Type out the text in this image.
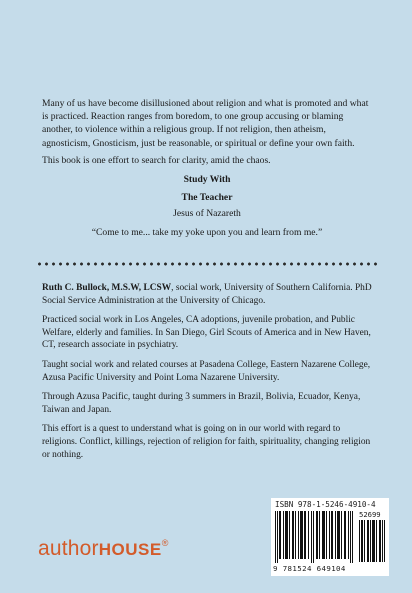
Many of us have become disillusioned about religion and what is promoted and what is practiced. Reaction ranges from boredom, to one group accusing or blaming another, to violence within a religious group. If not religion, then atheism, agnosticism, Gnosticism, just be reasonable, or spiritual or define your own faith.

This book is one effort to search for clarity, amid the chaos.

Study With
The Teacher
Jesus of Nazareth
“Come to me... take my yoke upon you and learn from me.”

Ruth C. Bullock, M.S.W, LCSW, social work, University of Southern California. PhD Social Service Administration at the University of Chicago.

Practiced social work in Los Angeles, CA adoptions, juvenile probation, and Public Welfare, elderly and families. In San Diego, Girl Scouts of America and in New Haven, CT, research associate in psychiatry.

Taught social work and related courses at Pasadena College, Eastern Nazarene College, Azusa Pacific University and Point Loma Nazarene University.

Through Azusa Pacific, taught during 3 summers in Brazil, Bolivia, Ecuador, Kenya, Taiwan and Japan.

This effort is a quest to understand what is going on in our world with regard to religions. Conflict, killings, rejection of religion for faith, spirituality, changing religion or nothing.

authorHOUSE®
ISBN 978-1-5246-4910-4
52699
9 781524 649104
